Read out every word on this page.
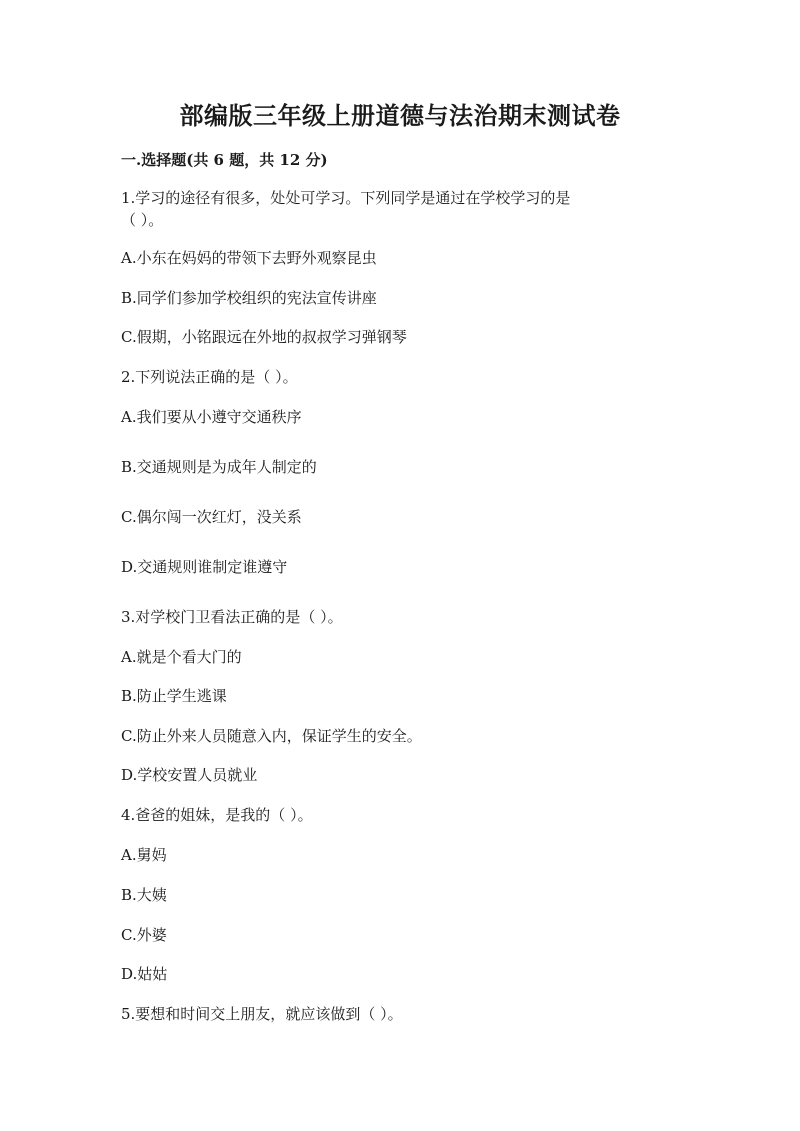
部编版三年级上册道德与法治期末测试卷
一.选择题(共 6 题，共 12 分)
1.学习的途径有很多，处处可学习。下列同学是通过在学校学习的是
（ ）。
A.小东在妈妈的带领下去野外观察昆虫
B.同学们参加学校组织的宪法宣传讲座
C.假期，小铭跟远在外地的叔叔学习弹钢琴
2.下列说法正确的是（ ）。
A.我们要从小遵守交通秩序
B.交通规则是为成年人制定的
C.偶尔闯一次红灯，没关系
D.交通规则谁制定谁遵守
3.对学校门卫看法正确的是（ ）。
A.就是个看大门的
B.防止学生逃课
C.防止外来人员随意入内，保证学生的安全。
D.学校安置人员就业
4.爸爸的姐妹，是我的（ ）。
A.舅妈
B.大姨
C.外婆
D.姑姑
5.要想和时间交上朋友，就应该做到（ ）。
